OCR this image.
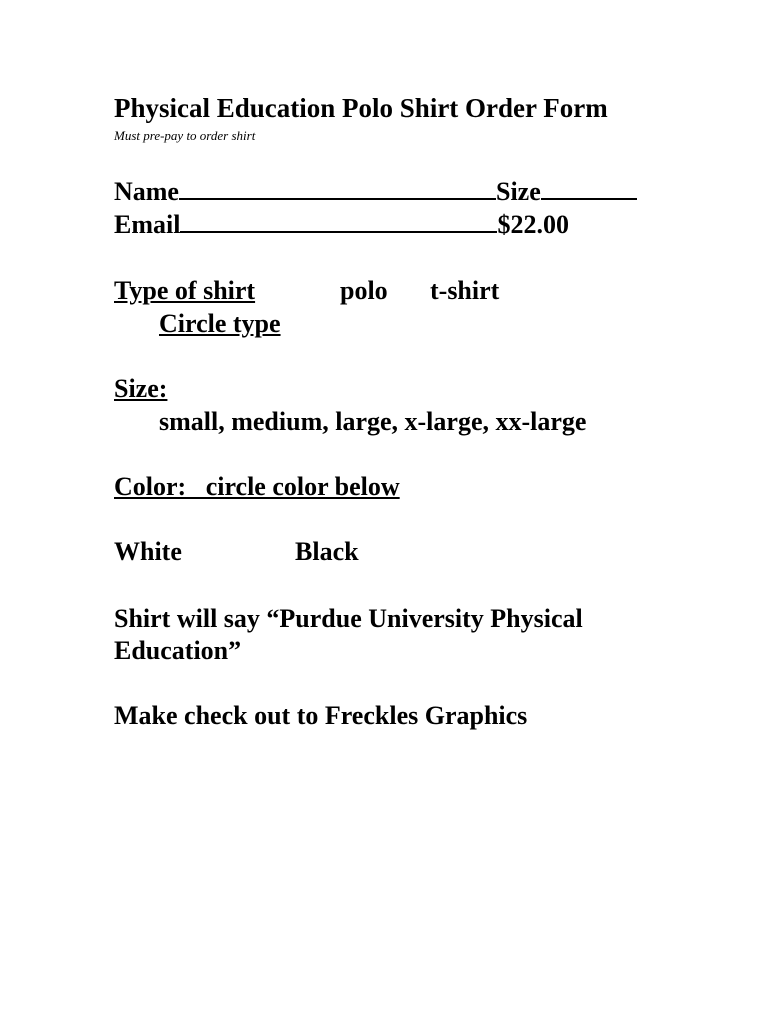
Physical Education Polo Shirt Order Form
Must pre-pay to order shirt
Name	Size
Email	$22.00
Type of shirt	polo t-shirt
Circle type
Size:
small, medium, large, x-large, xx-large
Color:   circle color below
White	Black
Shirt will say “Purdue University Physical
Education”
Make check out to Freckles Graphics
